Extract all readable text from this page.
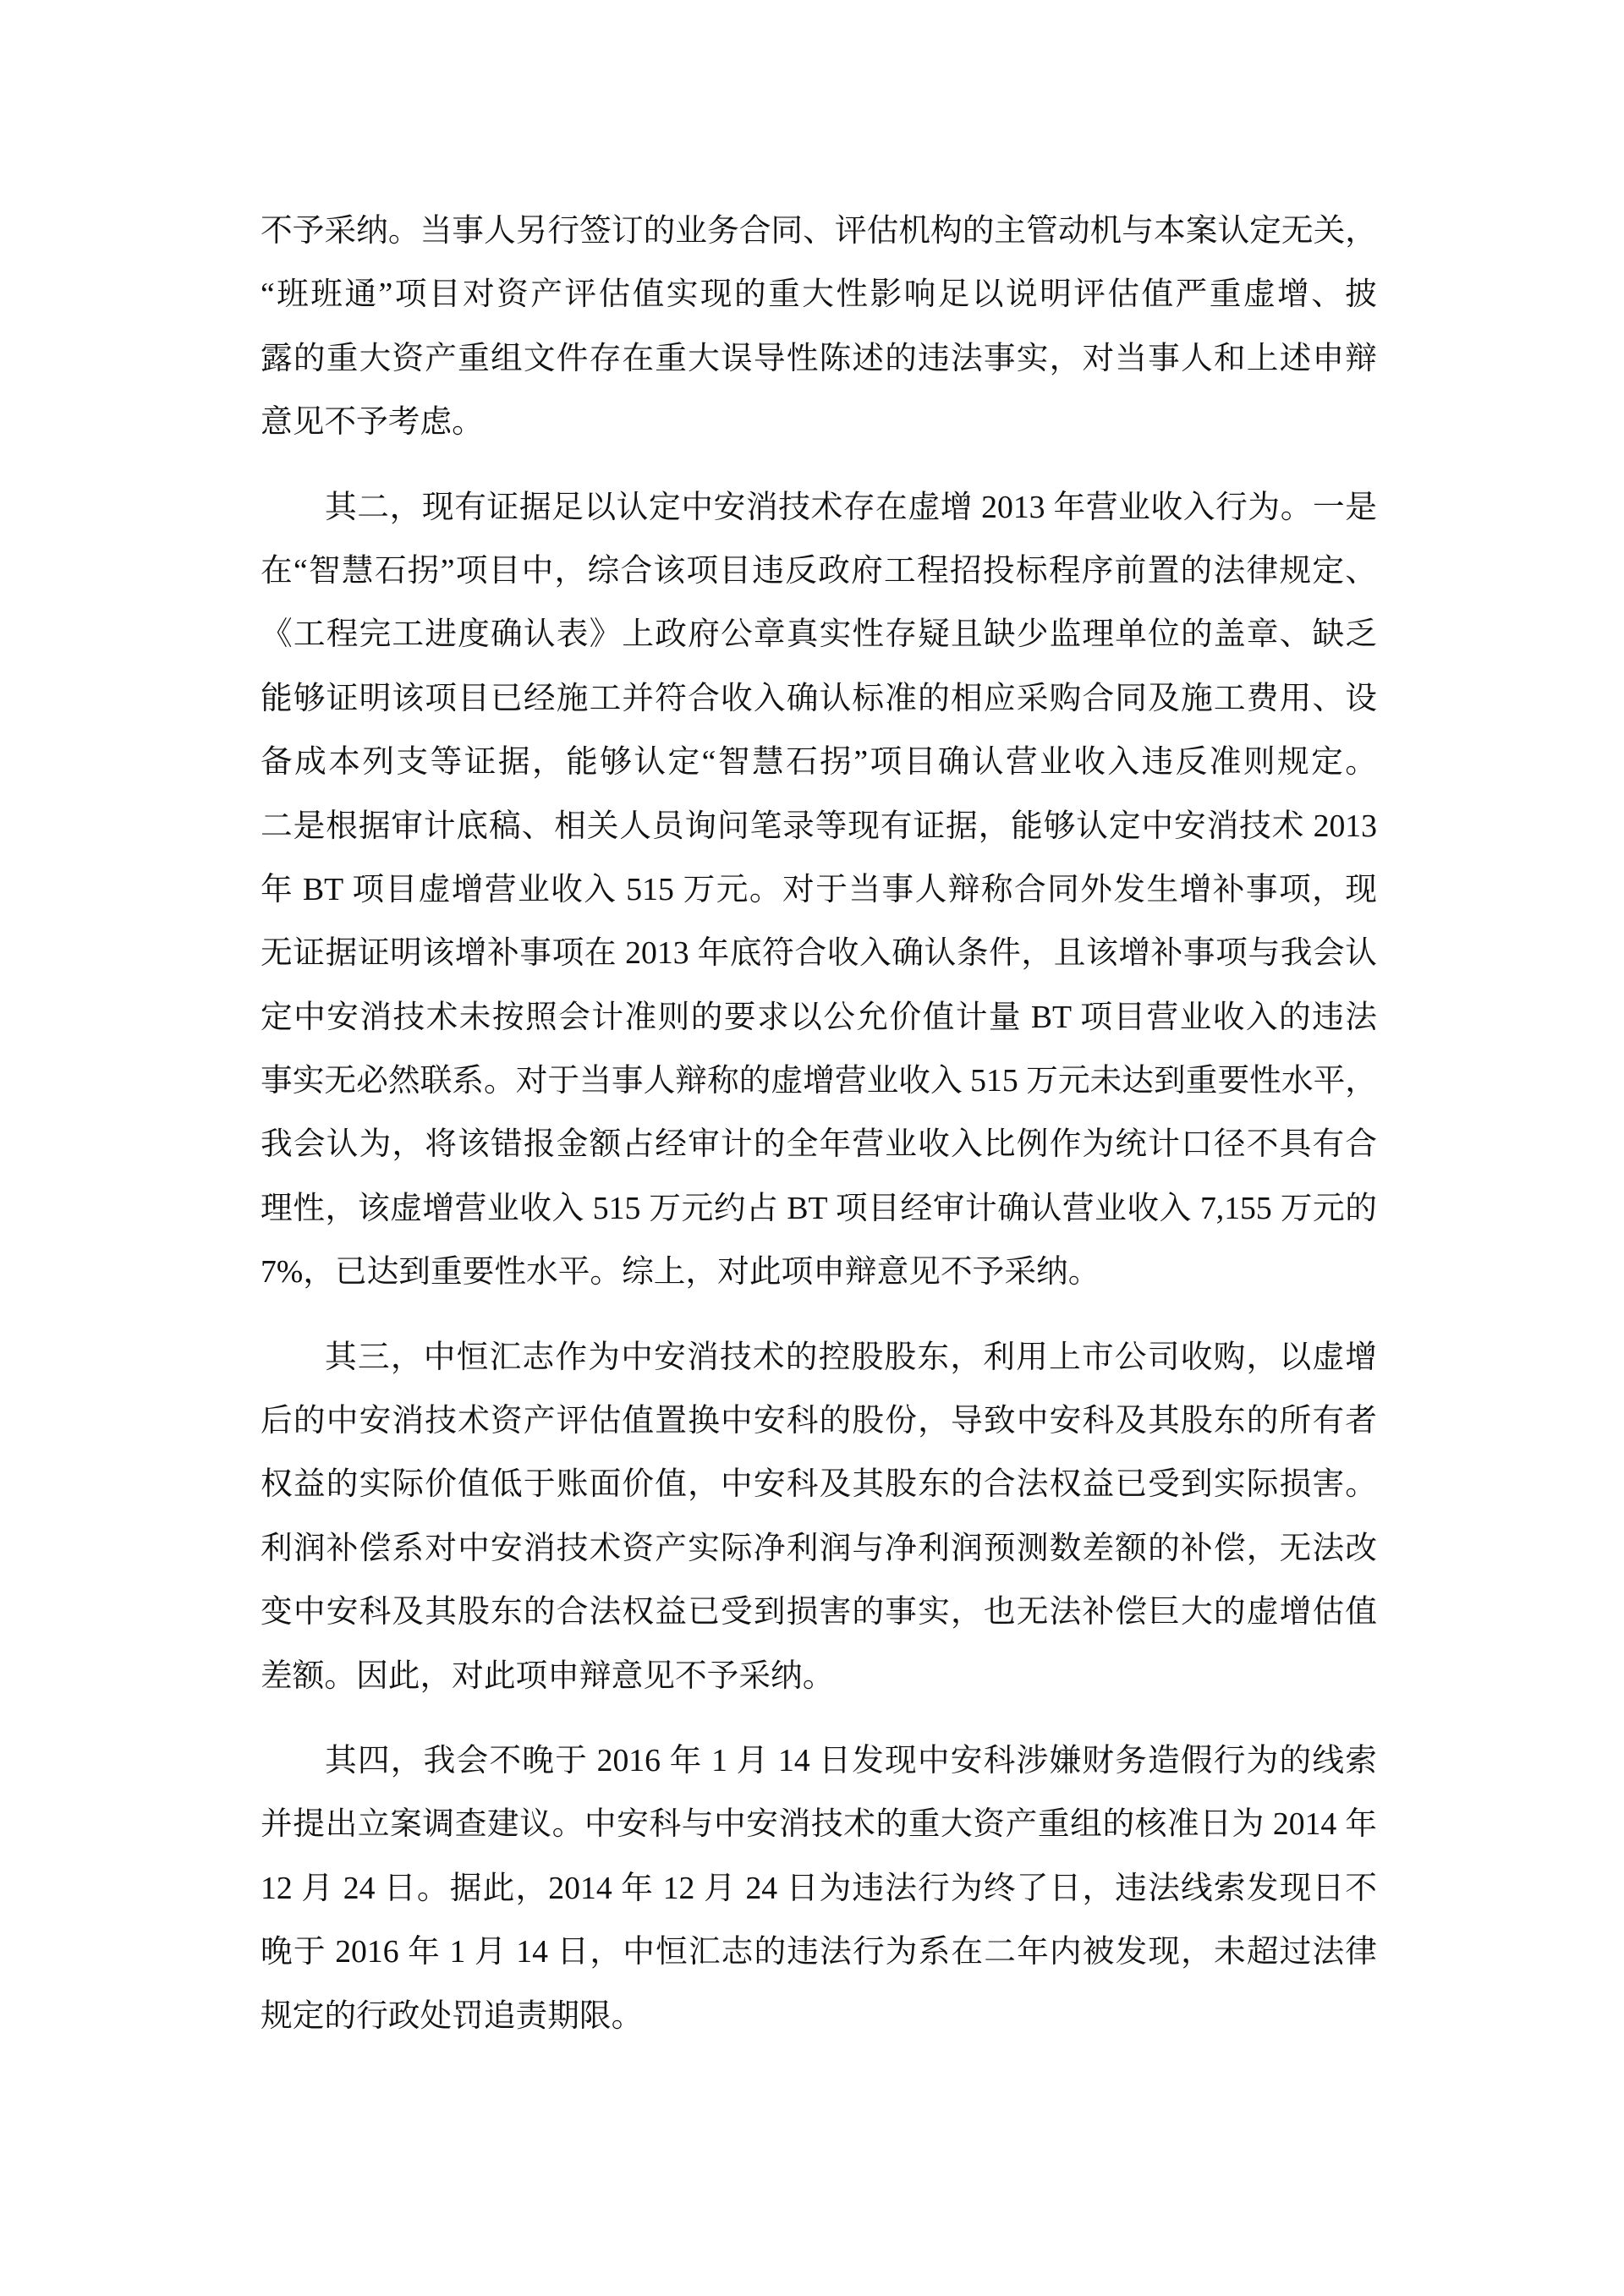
不予采纳。当事人另行签订的业务合同、评估机构的主管动机与本案认定无关，
“班班通”项目对资产评估值实现的重大性影响足以说明评估值严重虚增、披
露的重大资产重组文件存在重大误导性陈述的违法事实，对当事人和上述申辩
意见不予考虑。
其二，现有证据足以认定中安消技术存在虚增 2013 年营业收入行为。一是
在“智慧石拐”项目中，综合该项目违反政府工程招投标程序前置的法律规定、
《工程完工进度确认表》上政府公章真实性存疑且缺少监理单位的盖章、缺乏
能够证明该项目已经施工并符合收入确认标准的相应采购合同及施工费用、设
备成本列支等证据，能够认定“智慧石拐”项目确认营业收入违反准则规定。
二是根据审计底稿、相关人员询问笔录等现有证据，能够认定中安消技术 2013
年 BT 项目虚增营业收入 515 万元。对于当事人辩称合同外发生增补事项，现
无证据证明该增补事项在 2013 年底符合收入确认条件，且该增补事项与我会认
定中安消技术未按照会计准则的要求以公允价值计量 BT 项目营业收入的违法
事实无必然联系。对于当事人辩称的虚增营业收入 515 万元未达到重要性水平，
我会认为，将该错报金额占经审计的全年营业收入比例作为统计口径不具有合
理性，该虚增营业收入 515 万元约占 BT 项目经审计确认营业收入 7,155 万元的
7%，已达到重要性水平。综上，对此项申辩意见不予采纳。
其三，中恒汇志作为中安消技术的控股股东，利用上市公司收购，以虚增
后的中安消技术资产评估值置换中安科的股份，导致中安科及其股东的所有者
权益的实际价值低于账面价值，中安科及其股东的合法权益已受到实际损害。
利润补偿系对中安消技术资产实际净利润与净利润预测数差额的补偿，无法改
变中安科及其股东的合法权益已受到损害的事实，也无法补偿巨大的虚增估值
差额。因此，对此项申辩意见不予采纳。
其四，我会不晚于 2016 年 1 月 14 日发现中安科涉嫌财务造假行为的线索
并提出立案调查建议。中安科与中安消技术的重大资产重组的核准日为 2014 年
12 月 24 日。据此，2014 年 12 月 24 日为违法行为终了日，违法线索发现日不
晚于 2016 年 1 月 14 日，中恒汇志的违法行为系在二年内被发现，未超过法律
规定的行政处罚追责期限。
